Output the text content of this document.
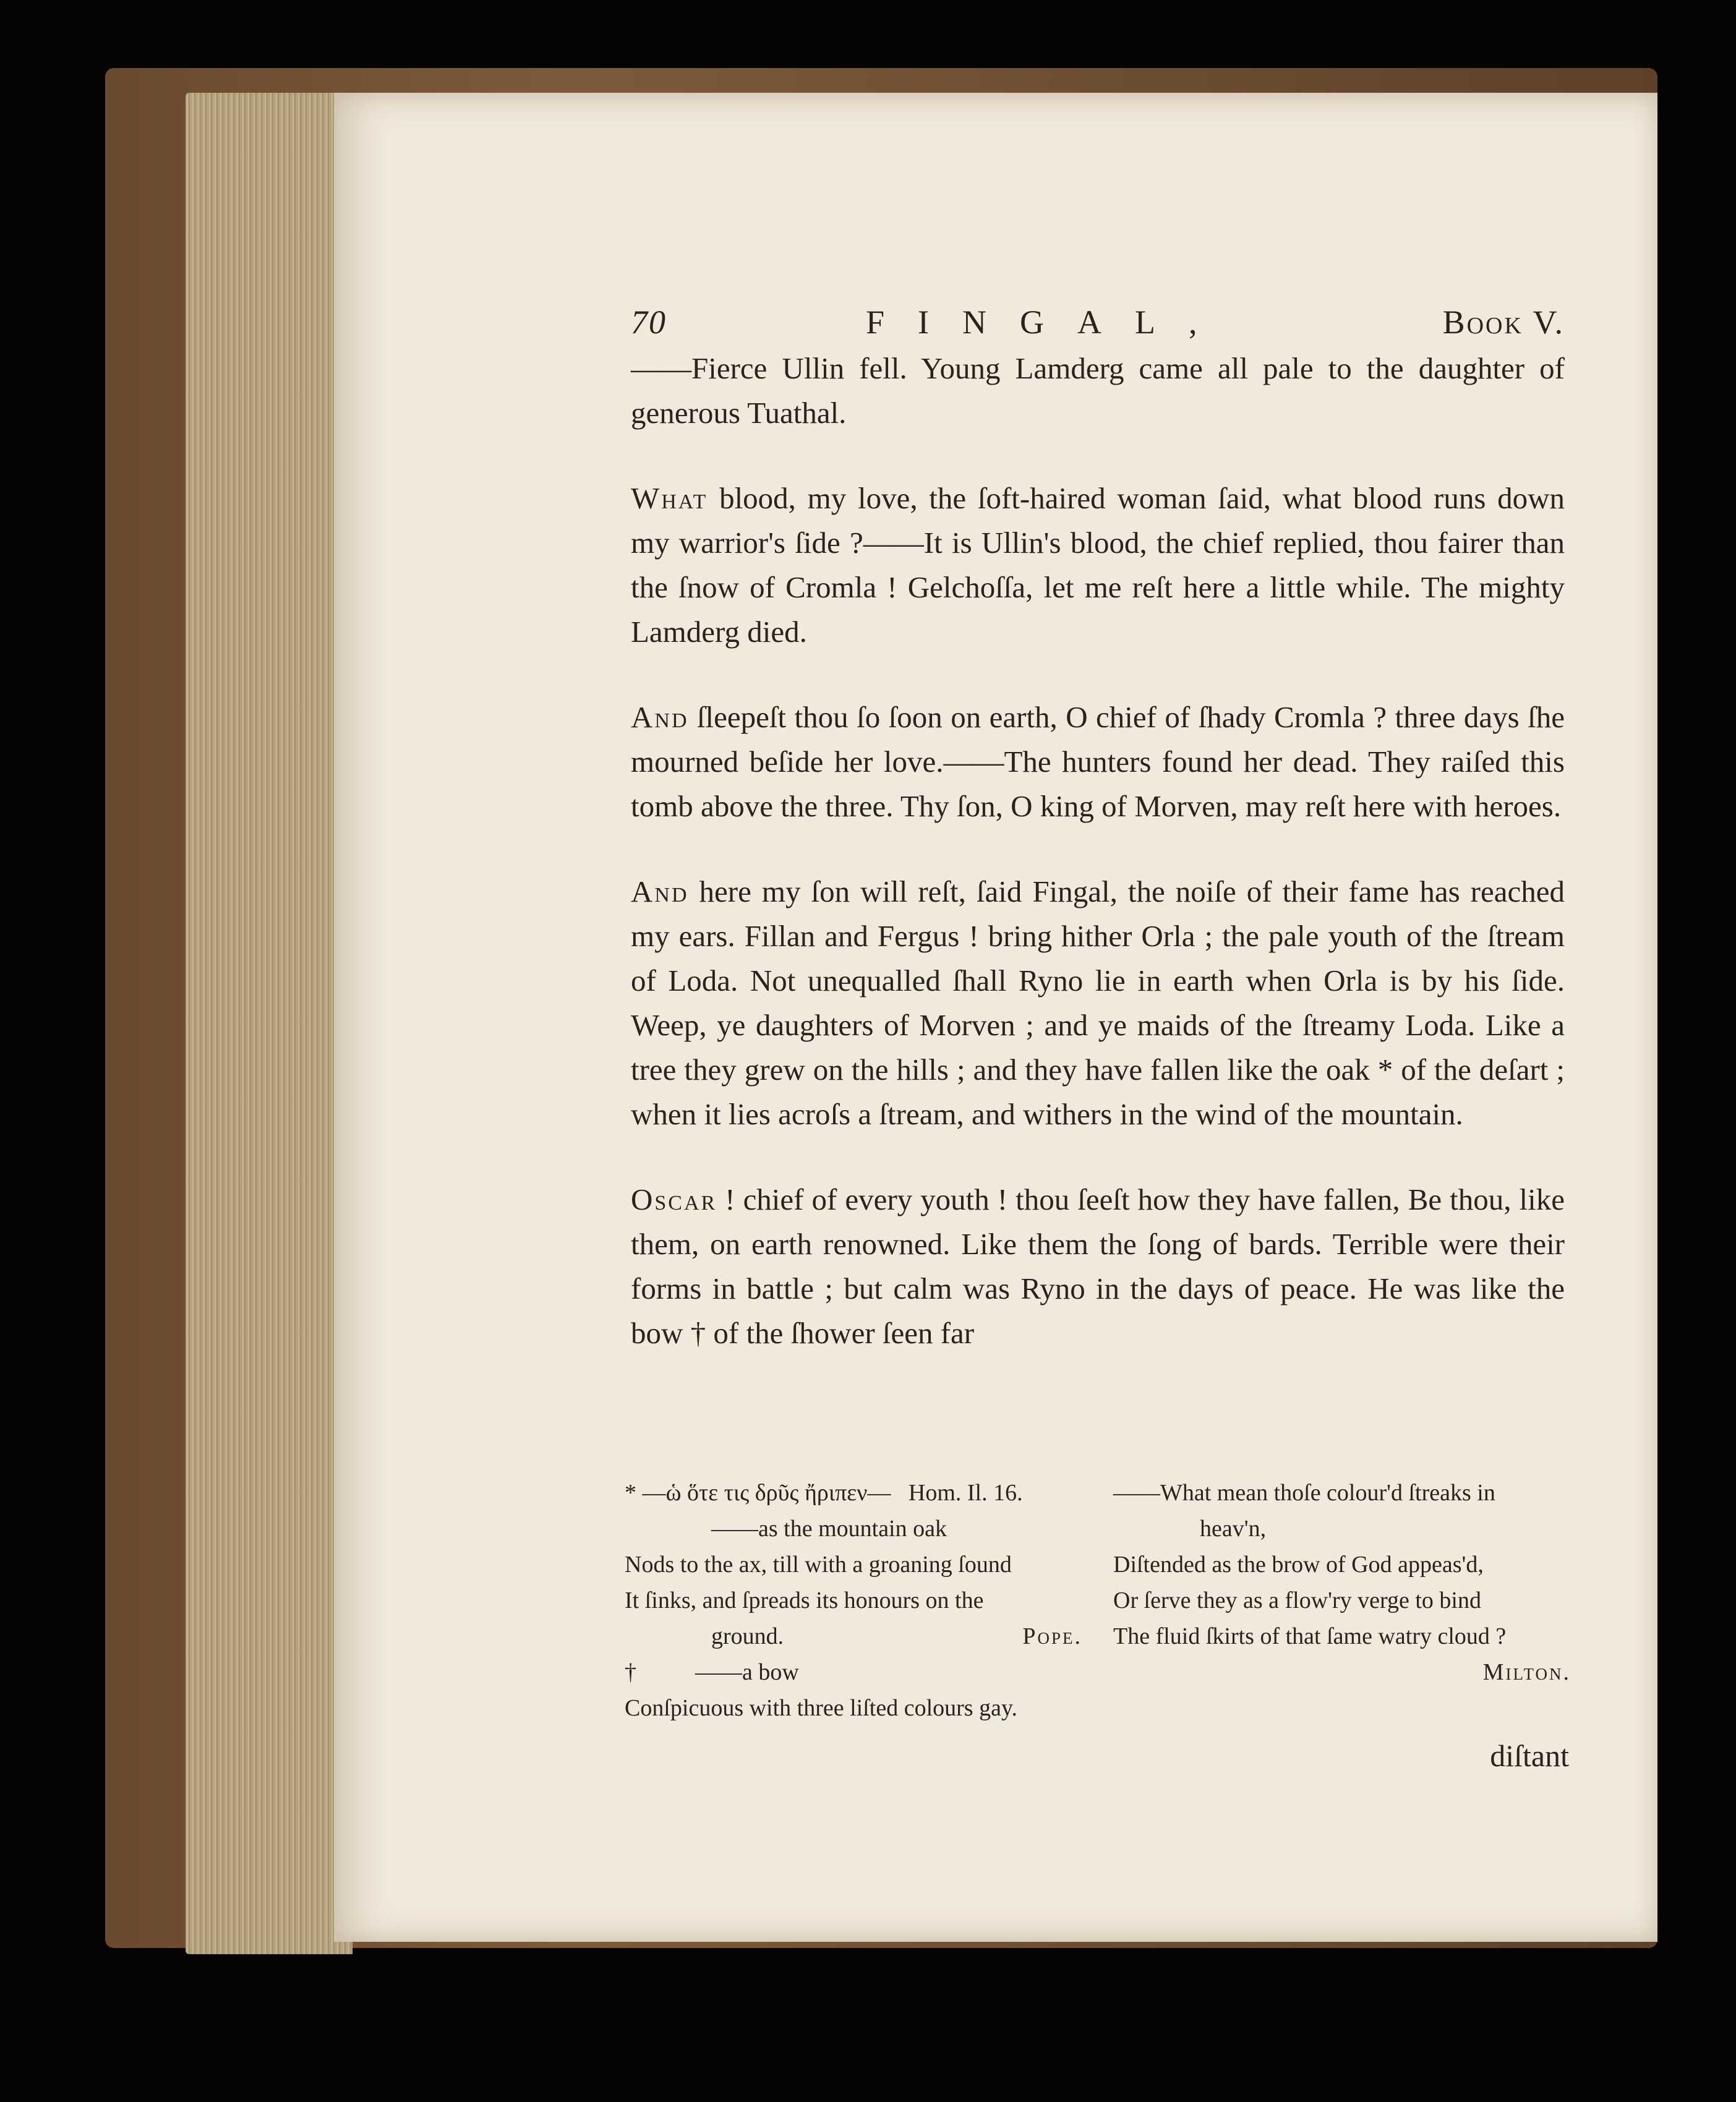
70	FINGAL,	Book V.

——Fierce Ullin fell. Young Lamderg came all pale to the daughter of generous Tuathal.

What blood, my love, the ſoft-haired woman ſaid, what blood runs down my warrior's ſide ?——It is Ullin's blood, the chief replied, thou fairer than the ſnow of Cromla ! Gelchoſſa, let me reſt here a little while. The mighty Lamderg died.

And ſleepeſt thou ſo ſoon on earth, O chief of ſhady Cromla ? three days ſhe mourned beſide her love.——The hunters found her dead. They raiſed this tomb above the three. Thy ſon, O king of Morven, may reſt here with heroes.

And here my ſon will reſt, ſaid Fingal, the noiſe of their fame has reached my ears. Fillan and Fergus ! bring hither Orla ; the pale youth of the ſtream of Loda. Not unequalled ſhall Ryno lie in earth when Orla is by his ſide. Weep, ye daughters of Morven ; and ye maids of the ſtreamy Loda. Like a tree they grew on the hills ; and they have fallen like the oak * of the deſart ; when it lies acroſs a ſtream, and withers in the wind of the mountain.

Oscar ! chief of every youth ! thou ſeeſt how they have fallen, Be thou, like them, on earth renowned. Like them the ſong of bards. Terrible were their forms in battle ; but calm was Ryno in the days of peace. He was like the bow † of the ſhower ſeen far

* —ὡ ὅτε τις δρῦς ἤριπεν—   Hom. Il. 16.
——as the mountain oak
Nods to the ax, till with a groaning ſound
It ſinks, and ſpreads its honours on the
ground.	Pope.
†          ——a bow
Conſpicuous with three liſted colours gay.
——What mean thoſe colour'd ſtreaks in
heav'n,
Diſtended as the brow of God appeas'd,
Or ſerve they as a flow'ry verge to bind
The fluid ſkirts of that ſame watry cloud ?
Milton.
diſtant
